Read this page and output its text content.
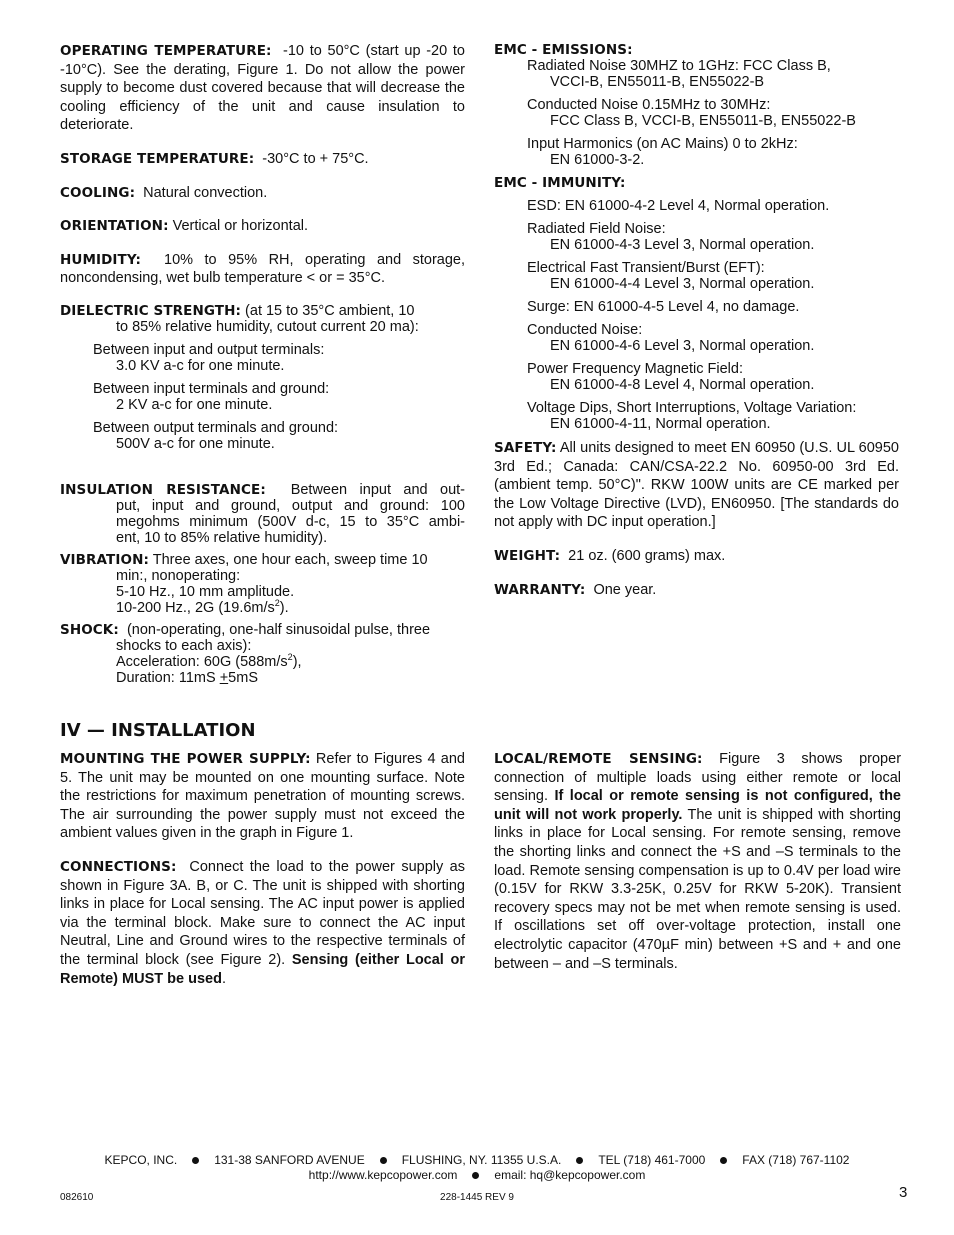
OPERATING TEMPERATURE: -10 to 50°C (start up -20 to -10°C). See the derating, Figure 1. Do not allow the power supply to become dust covered because that will decrease the cooling efficiency of the unit and cause insulation to deteriorate.

STORAGE TEMPERATURE: -30°C to + 75°C.

COOLING: Natural convection.

ORIENTATION: Vertical or horizontal.

HUMIDITY: 10% to 95% RH, operating and storage, noncondensing, wet bulb temperature < or = 35°C.

DIELECTRIC STRENGTH: (at 15 to 35°C ambient, 10

to 85% relative humidity, cutout current 20 ma):

Between input and output terminals:

3.0 KV a-c for one minute.

Between input terminals and ground:

2 KV a-c for one minute.

Between output terminals and ground:

500V a-c for one minute.

INSULATION RESISTANCE: Between input and out-

put, input and ground, output and ground: 100

megohms minimum (500V d-c, 15 to 35°C ambi-

ent, 10 to 85% relative humidity).

VIBRATION: Three axes, one hour each, sweep time 10

min:, nonoperating:

5-10 Hz., 10 mm amplitude.

10-200 Hz., 2G $(19.6m/s^2)$.

SHOCK: (non-operating, one-half sinusoidal pulse, three

shocks to each axis):

Acceleration: 60G $(588m/s^2)$,

Duration: 11mS +5mS

EMC - EMISSIONS:

Radiated Noise 30MHZ to 1GHz: FCC Class B,

VCCI-B, EN55011-B, EN55022-B

Conducted Noise 0.15MHz to 30MHz:

FCC Class B, VCCI-B, EN55011-B, EN55022-B

Input Harmonics (on AC Mains) 0 to 2kHz:

EN 61000-3-2.

EMC - IMMUNITY:

ESD: EN 61000-4-2 Level 4, Normal operation.

Radiated Field Noise:

EN 61000-4-3 Level 3, Normal operation.

Electrical Fast Transient/Burst (EFT):

EN 61000-4-4 Level 3, Normal operation.

Surge: EN 61000-4-5 Level 4, no damage.

Conducted Noise:

EN 61000-4-6 Level 3, Normal operation.

Power Frequency Magnetic Field:

EN 61000-4-8 Level 4, Normal operation.

Voltage Dips, Short Interruptions, Voltage Variation:

EN 61000-4-11, Normal operation.

SAFETY: All units designed to meet EN 60950 (U.S. UL 60950 3rd Ed.; Canada: CAN/CSA-22.2 No. 60950-00 3rd Ed. (ambient temp. 50°C)". RKW 100W units are CE marked per the Low Voltage Directive (LVD), EN60950. [The standards do not apply with DC input operation.]

WEIGHT: 21 oz. (600 grams) max.

WARRANTY: One year.

IV — INSTALLATION

MOUNTING THE POWER SUPPLY: Refer to Figures 4 and 5. The unit may be mounted on one mounting surface. Note the restrictions for maximum penetration of mounting screws. The air surrounding the power supply must not exceed the ambient values given in the graph in Figure 1.

CONNECTIONS: Connect the load to the power supply as shown in Figure 3A. B, or C. The unit is shipped with shorting links in place for Local sensing. The AC input power is applied via the terminal block. Make sure to connect the AC input Neutral, Line and Ground wires to the respective terminals of the terminal block (see Figure 2). Sensing (either Local or Remote) MUST be used.

LOCAL/REMOTE SENSING: Figure 3 shows proper connection of multiple loads using either remote or local sensing. If local or remote sensing is not configured, the unit will not work properly. The unit is shipped with shorting links in place for Local sensing. For remote sensing, remove the shorting links and connect the +S and –S terminals to the load. Remote sensing compensation is up to 0.4V per load wire (0.15V for RKW 3.3-25K, 0.25V for RKW 5-20K). Transient recovery specs may not be met when remote sensing is used. If oscillations set off over-voltage protection, install one electrolytic capacitor (470µF min) between +S and + and one between – and –S terminals.

KEPCO, INC.	131-38 SANFORD AVENUE	FLUSHING, NY. 11355 U.S.A.	TEL (718) 461-7000	FAX (718) 767-1102
http://www.kepcopower.com	email: hq@kepcopower.com
082610	228-1445 REV 9	3
